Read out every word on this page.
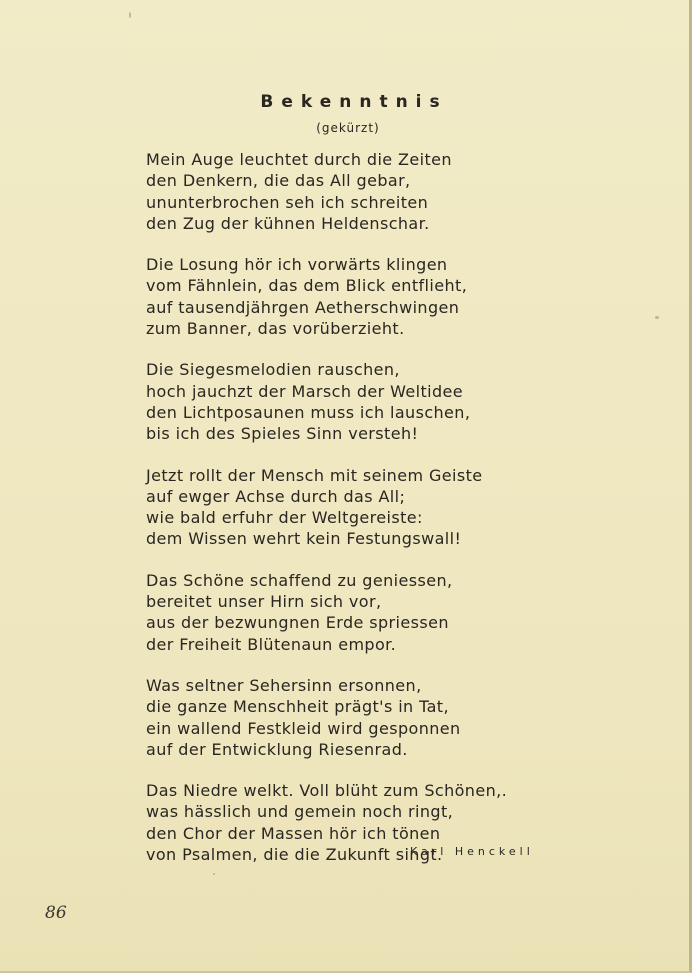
Bekenntnis
(gekürzt)
Mein Auge leuchtet durch die Zeiten
den Denkern, die das All gebar,
ununterbrochen seh ich schreiten
den Zug der kühnen Heldenschar.
Die Losung hör ich vorwärts klingen
vom Fähnlein, das dem Blick entflieht,
auf tausendjährgen Aetherschwingen
zum Banner, das vorüberzieht.
Die Siegesmelodien rauschen,
hoch jauchzt der Marsch der Weltidee
den Lichtposaunen muss ich lauschen,
bis ich des Spieles Sinn versteh!
Jetzt rollt der Mensch mit seinem Geiste
auf ewger Achse durch das All;
wie bald erfuhr der Weltgereiste:
dem Wissen wehrt kein Festungswall!
Das Schöne schaffend zu geniessen,
bereitet unser Hirn sich vor,
aus der bezwungnen Erde spriessen
der Freiheit Blütenaun empor.
Was seltner Sehersinn ersonnen,
die ganze Menschheit prägt's in Tat,
ein wallend Festkleid wird gesponnen
auf der Entwicklung Riesenrad.
Das Niedre welkt. Voll blüht zum Schönen,.
was hässlich und gemein noch ringt,
den Chor der Massen hör ich tönen
von Psalmen, die die Zukunft singt.
Karl Henckell
86
